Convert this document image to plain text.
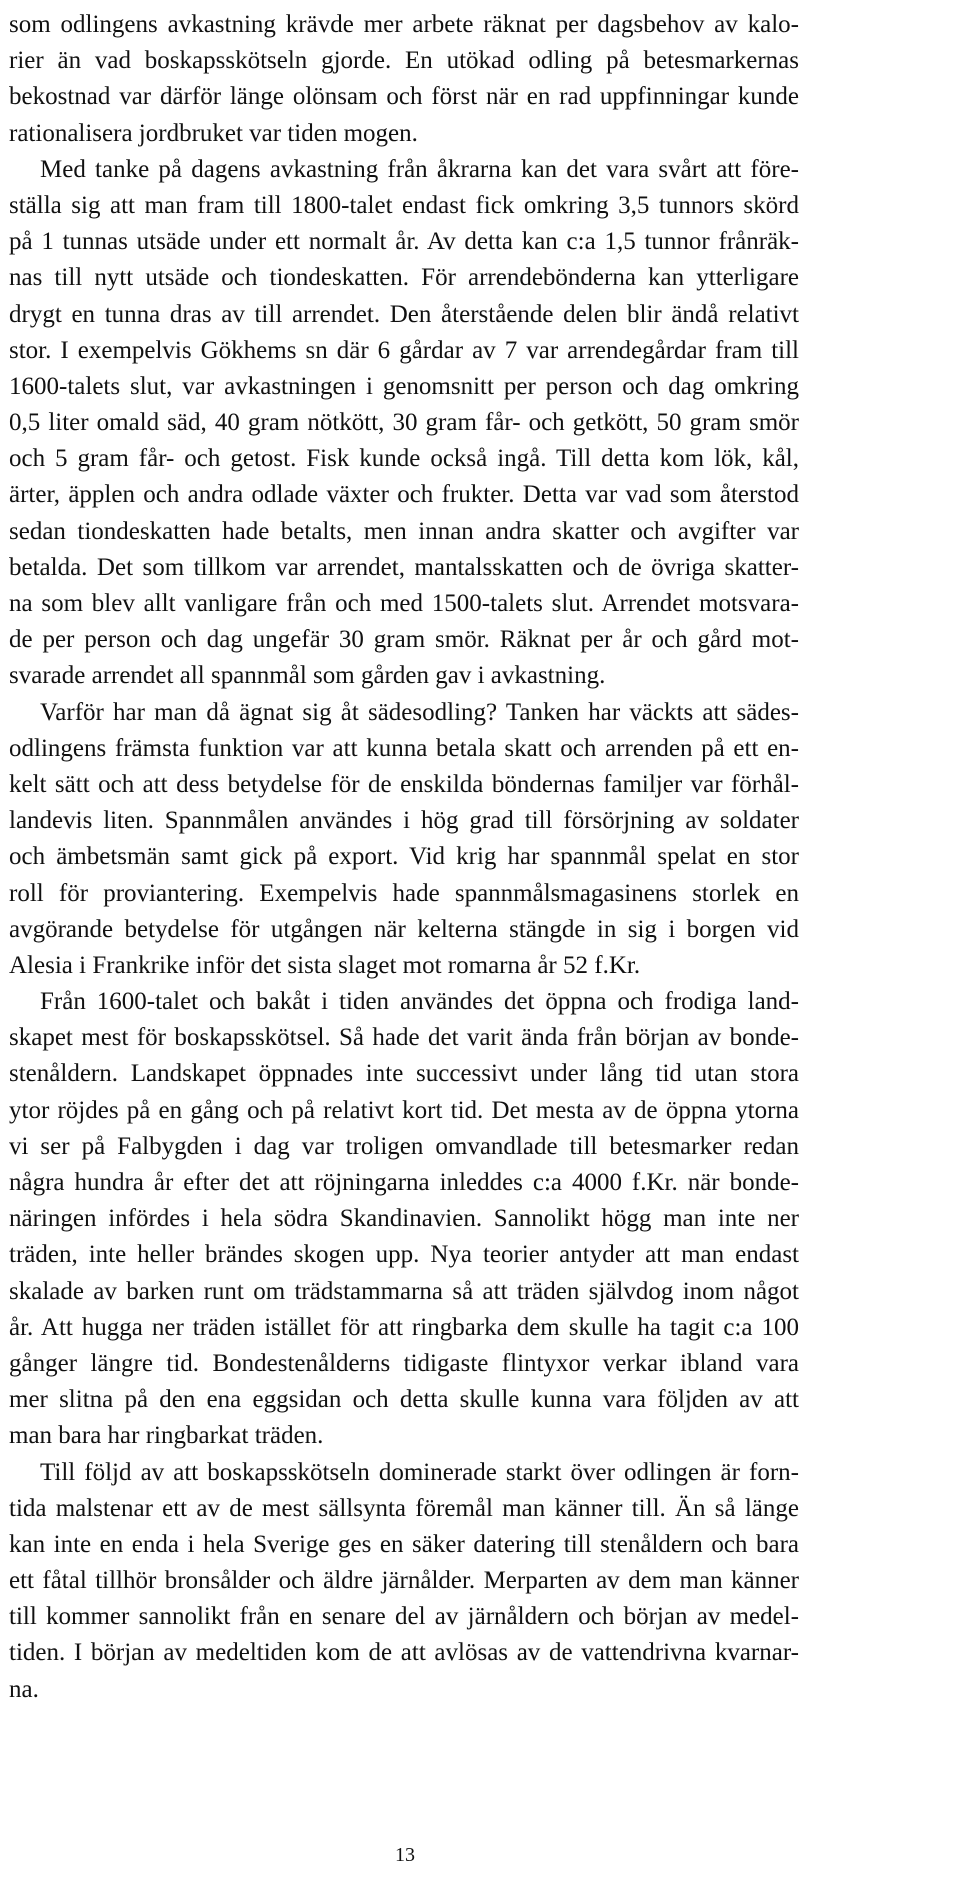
som odlingens avkastning krävde mer arbete räknat per dagsbehov av kalo-
rier än vad boskapsskötseln gjorde. En utökad odling på betesmarkernas
bekostnad var därför länge olönsam och först när en rad uppfinningar kunde
rationalisera jordbruket var tiden mogen.
Med tanke på dagens avkastning från åkrarna kan det vara svårt att före-
ställa sig att man fram till 1800-talet endast fick omkring 3,5 tunnors skörd
på 1 tunnas utsäde under ett normalt år. Av detta kan c:a 1,5 tunnor frånräk-
nas till nytt utsäde och tiondeskatten. För arrendebönderna kan ytterligare
drygt en tunna dras av till arrendet. Den återstående delen blir ändå relativt
stor. I exempelvis Gökhems sn där 6 gårdar av 7 var arrendegårdar fram till
1600-talets slut, var avkastningen i genomsnitt per person och dag omkring
0,5 liter omald säd, 40 gram nötkött, 30 gram får- och getkött, 50 gram smör
och 5 gram får- och getost. Fisk kunde också ingå. Till detta kom lök, kål,
ärter, äpplen och andra odlade växter och frukter. Detta var vad som återstod
sedan tiondeskatten hade betalts, men innan andra skatter och avgifter var
betalda. Det som tillkom var arrendet, mantalsskatten och de övriga skatter-
na som blev allt vanligare från och med 1500-talets slut. Arrendet motsvara-
de per person och dag ungefär 30 gram smör. Räknat per år och gård mot-
svarade arrendet all spannmål som gården gav i avkastning.
Varför har man då ägnat sig åt sädesodling? Tanken har väckts att sädes-
odlingens främsta funktion var att kunna betala skatt och arrenden på ett en-
kelt sätt och att dess betydelse för de enskilda böndernas familjer var förhål-
landevis liten. Spannmålen användes i hög grad till försörjning av soldater
och ämbetsmän samt gick på export. Vid krig har spannmål spelat en stor
roll för proviantering. Exempelvis hade spannmålsmagasinens storlek en
avgörande betydelse för utgången när kelterna stängde in sig i borgen vid
Alesia i Frankrike inför det sista slaget mot romarna år 52 f.Kr.
Från 1600-talet och bakåt i tiden användes det öppna och frodiga land-
skapet mest för boskapsskötsel. Så hade det varit ända från början av bonde-
stenåldern. Landskapet öppnades inte successivt under lång tid utan stora
ytor röjdes på en gång och på relativt kort tid. Det mesta av de öppna ytorna
vi ser på Falbygden i dag var troligen omvandlade till betesmarker redan
några hundra år efter det att röjningarna inleddes c:a 4000 f.Kr. när bonde-
näringen infördes i hela södra Skandinavien. Sannolikt högg man inte ner
träden, inte heller brändes skogen upp. Nya teorier antyder att man endast
skalade av barken runt om trädstammarna så att träden självdog inom något
år. Att hugga ner träden istället för att ringbarka dem skulle ha tagit c:a 100
gånger längre tid. Bondestenålderns tidigaste flintyxor verkar ibland vara
mer slitna på den ena eggsidan och detta skulle kunna vara följden av att
man bara har ringbarkat träden.
Till följd av att boskapsskötseln dominerade starkt över odlingen är forn-
tida malstenar ett av de mest sällsynta föremål man känner till. Än så länge
kan inte en enda i hela Sverige ges en säker datering till stenåldern och bara
ett fåtal tillhör bronsålder och äldre järnålder. Merparten av dem man känner
till kommer sannolikt från en senare del av järnåldern och början av medel-
tiden. I början av medeltiden kom de att avlösas av de vattendrivna kvarnar-
na.
13
